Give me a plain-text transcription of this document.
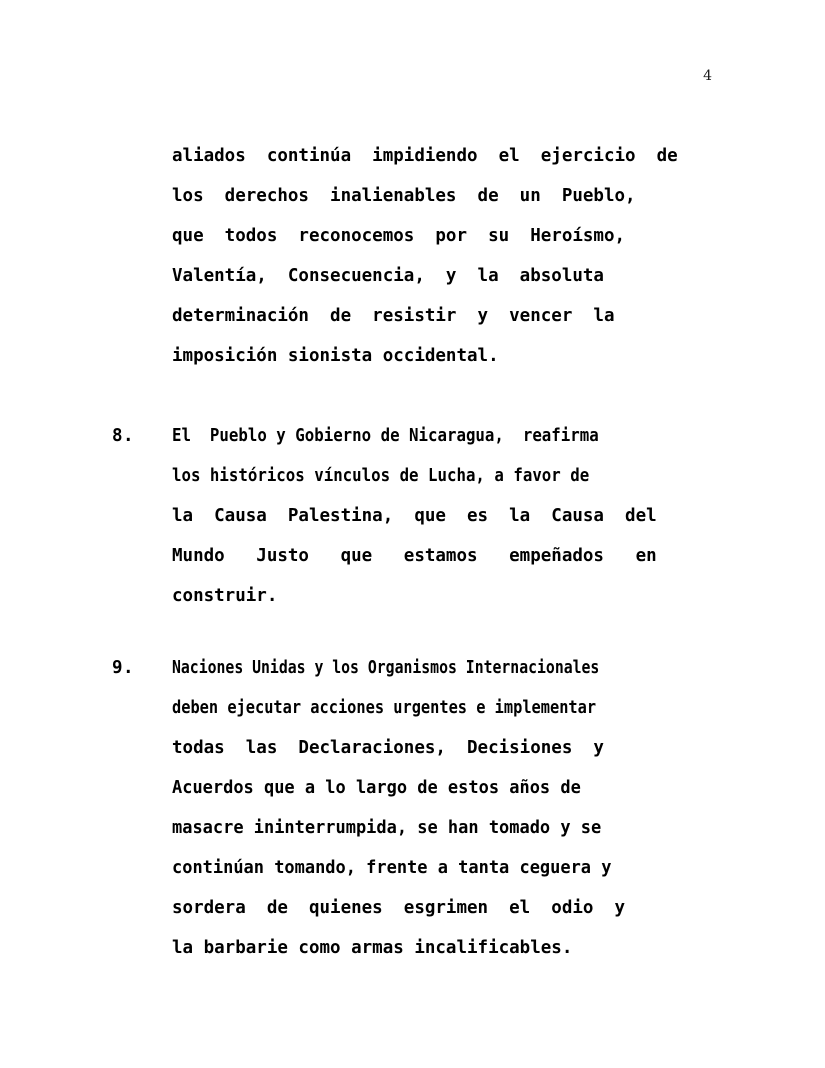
4
aliados  continúa  impidiendo  el  ejercicio  de
los  derechos  inalienables  de  un  Pueblo,
que  todos  reconocemos  por  su  Heroísmo,
Valentía,  Consecuencia,  y  la  absoluta
determinación  de  resistir  y  vencer  la
imposición sionista occidental.
8.	El  Pueblo y Gobierno de Nicaragua,  reafirma
los históricos vínculos de Lucha, a favor de
la  Causa  Palestina,  que  es  la  Causa  del
Mundo   Justo   que   estamos   empeñados   en
construir.
9.	Naciones Unidas y los Organismos Internacionales
deben ejecutar acciones urgentes e implementar
todas  las  Declaraciones,  Decisiones  y
Acuerdos que a lo largo de estos años de
masacre ininterrumpida, se han tomado y se
continúan tomando, frente a tanta ceguera y
sordera  de  quienes  esgrimen  el  odio  y
la barbarie como armas incalificables.
